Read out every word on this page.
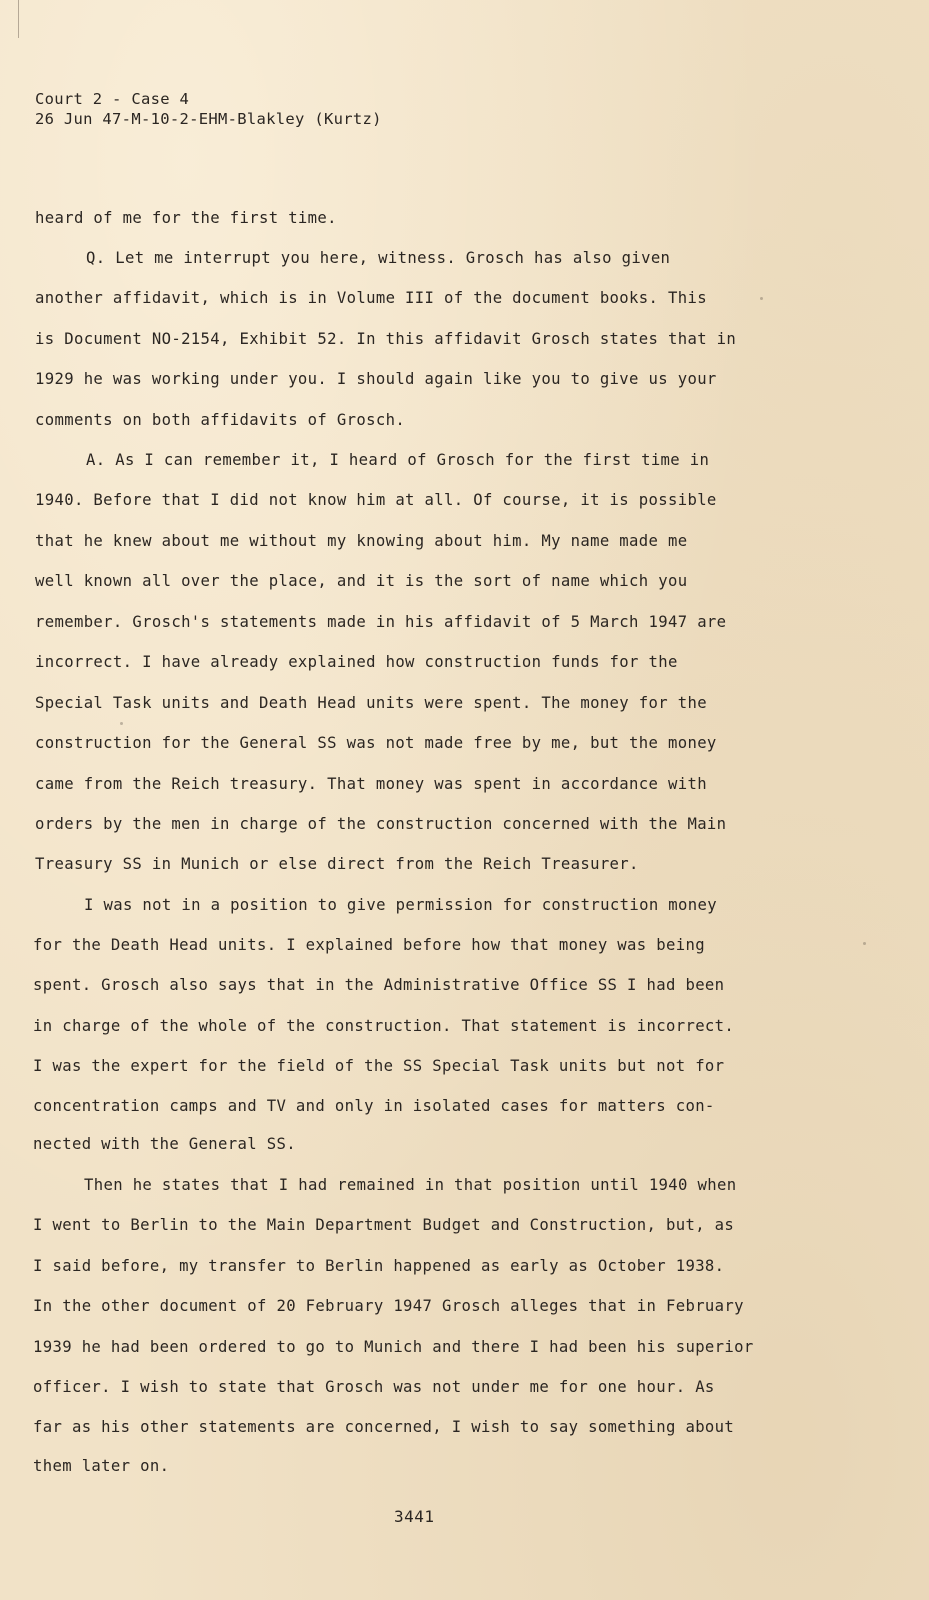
Court 2 - Case 4
26 Jun 47-M-10-2-EHM-Blakley (Kurtz)
heard of me for the first time.
Q. Let me interrupt you here, witness. Grosch has also given
another affidavit, which is in Volume III of the document books. This
is Document NO-2154, Exhibit 52. In this affidavit Grosch states that in
1929 he was working under you. I should again like you to give us your
comments on both affidavits of Grosch.
A. As I can remember it, I heard of Grosch for the first time in
1940. Before that I did not know him at all. Of course, it is possible
that he knew about me without my knowing about him. My name made me
well known all over the place, and it is the sort of name which you
remember. Grosch's statements made in his affidavit of 5 March 1947 are
incorrect. I have already explained how construction funds for the
Special Task units and Death Head units were spent. The money for the
construction for the General SS was not made free by me, but the money
came from the Reich treasury. That money was spent in accordance with
orders by the men in charge of the construction concerned with the Main
Treasury SS in Munich or else direct from the Reich Treasurer.
I was not in a position to give permission for construction money
for the Death Head units. I explained before how that money was being
spent. Grosch also says that in the Administrative Office SS I had been
in charge of the whole of the construction. That statement is incorrect.
I was the expert for the field of the SS Special Task units but not for
concentration camps and TV and only in isolated cases for matters con-
nected with the General SS.
Then he states that I had remained in that position until 1940 when
I went to Berlin to the Main Department Budget and Construction, but, as
I said before, my transfer to Berlin happened as early as October 1938.
In the other document of 20 February 1947 Grosch alleges that in February
1939 he had been ordered to go to Munich and there I had been his superior
officer. I wish to state that Grosch was not under me for one hour. As
far as his other statements are concerned, I wish to say something about
them later on.
3441
